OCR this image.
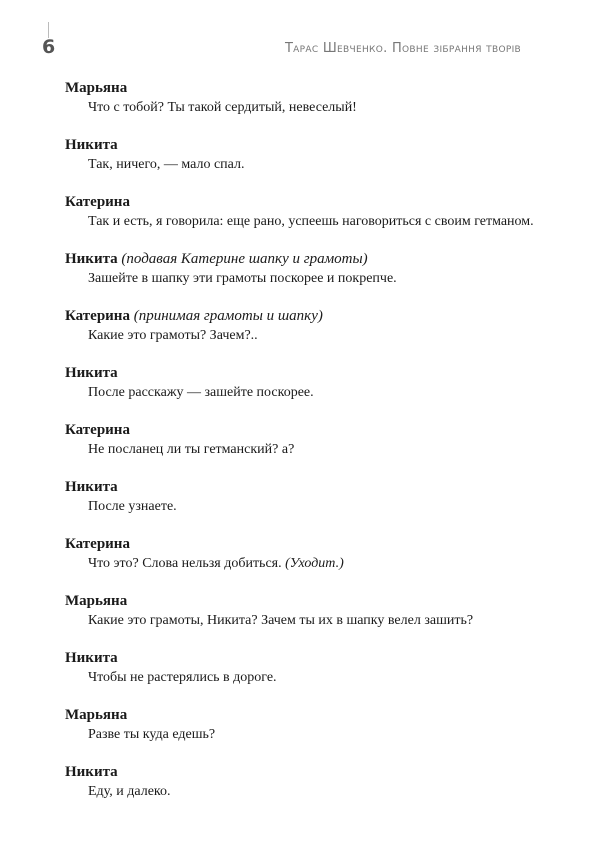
6	Тарас Шевченко. Повне зібрання творів
Марьяна
Что с тобой? Ты такой сердитый, невеселый!
Никита
Так, ничего, — мало спал.
Катерина
Так и есть, я говорила: еще рано, успеешь наговориться с своим гетманом.
Никита (подавая Катерине шапку и грамоты)
Зашейте в шапку эти грамоты поскорее и покрепче.
Катерина (принимая грамоты и шапку)
Какие это грамоты? Зачем?..
Никита
После расскажу — зашейте поскорее.
Катерина
Не посланец ли ты гетманский? а?
Никита
После узнаете.
Катерина
Что это? Слова нельзя добиться. (Уходит.)
Марьяна
Какие это грамоты, Никита? Зачем ты их в шапку велел зашить?
Никита
Чтобы не растерялись в дороге.
Марьяна
Разве ты куда едешь?
Никита
Еду, и далеко.
